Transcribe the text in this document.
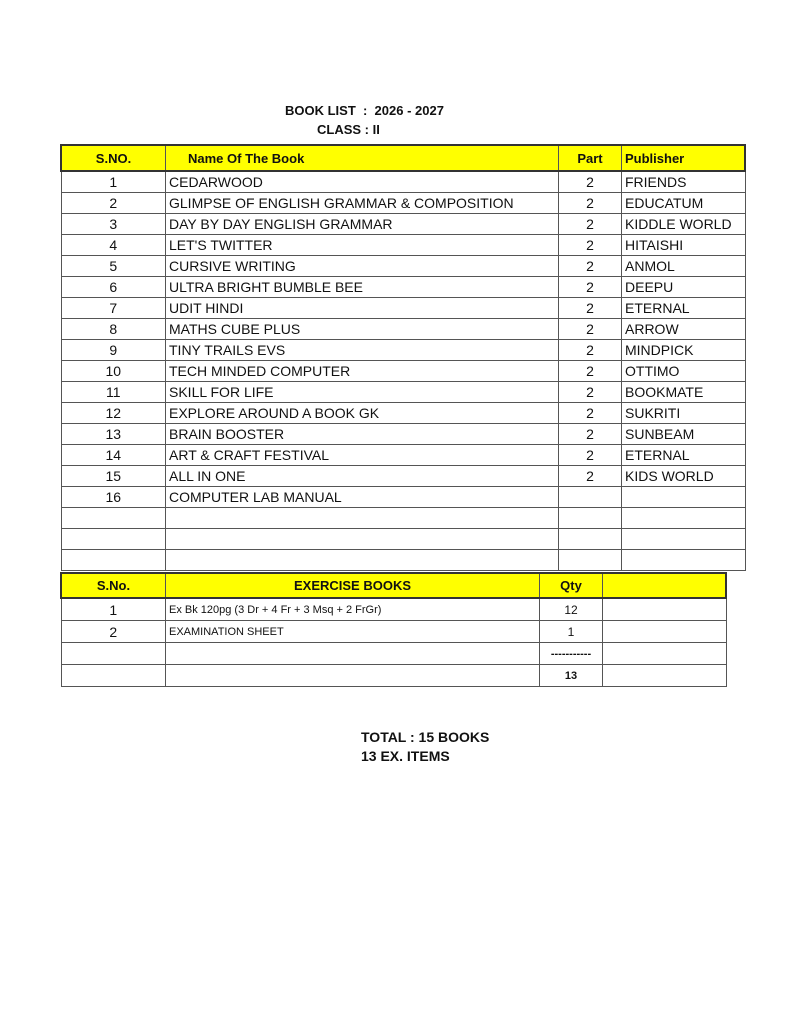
BOOK LIST  :  2026 - 2027
CLASS : II
S.NO.	Name Of The Book	Part	Publisher
1	CEDARWOOD	2	FRIENDS
2	GLIMPSE OF ENGLISH GRAMMAR & COMPOSITION	2	EDUCATUM
3	DAY BY DAY ENGLISH GRAMMAR	2	KIDDLE WORLD
4	LET'S TWITTER	2	HITAISHI
5	CURSIVE WRITING	2	ANMOL
6	ULTRA BRIGHT BUMBLE BEE	2	DEEPU
7	UDIT HINDI	2	ETERNAL
8	MATHS CUBE PLUS	2	ARROW
9	TINY TRAILS EVS	2	MINDPICK
10	TECH MINDED COMPUTER	2	OTTIMO
11	SKILL FOR LIFE	2	BOOKMATE
12	EXPLORE AROUND A BOOK GK	2	SUKRITI
13	BRAIN BOOSTER	2	SUNBEAM
14	ART & CRAFT FESTIVAL	2	ETERNAL
15	ALL IN ONE	2	KIDS WORLD
16	COMPUTER LAB MANUAL		

S.No.	EXERCISE BOOKS	Qty	
1	Ex Bk 120pg (3 Dr + 4 Fr + 3 Msq + 2 FrGr)	12	
2	EXAMINATION SHEET	1	
		-----------	
		13	
TOTAL : 15 BOOKS
13 EX. ITEMS
